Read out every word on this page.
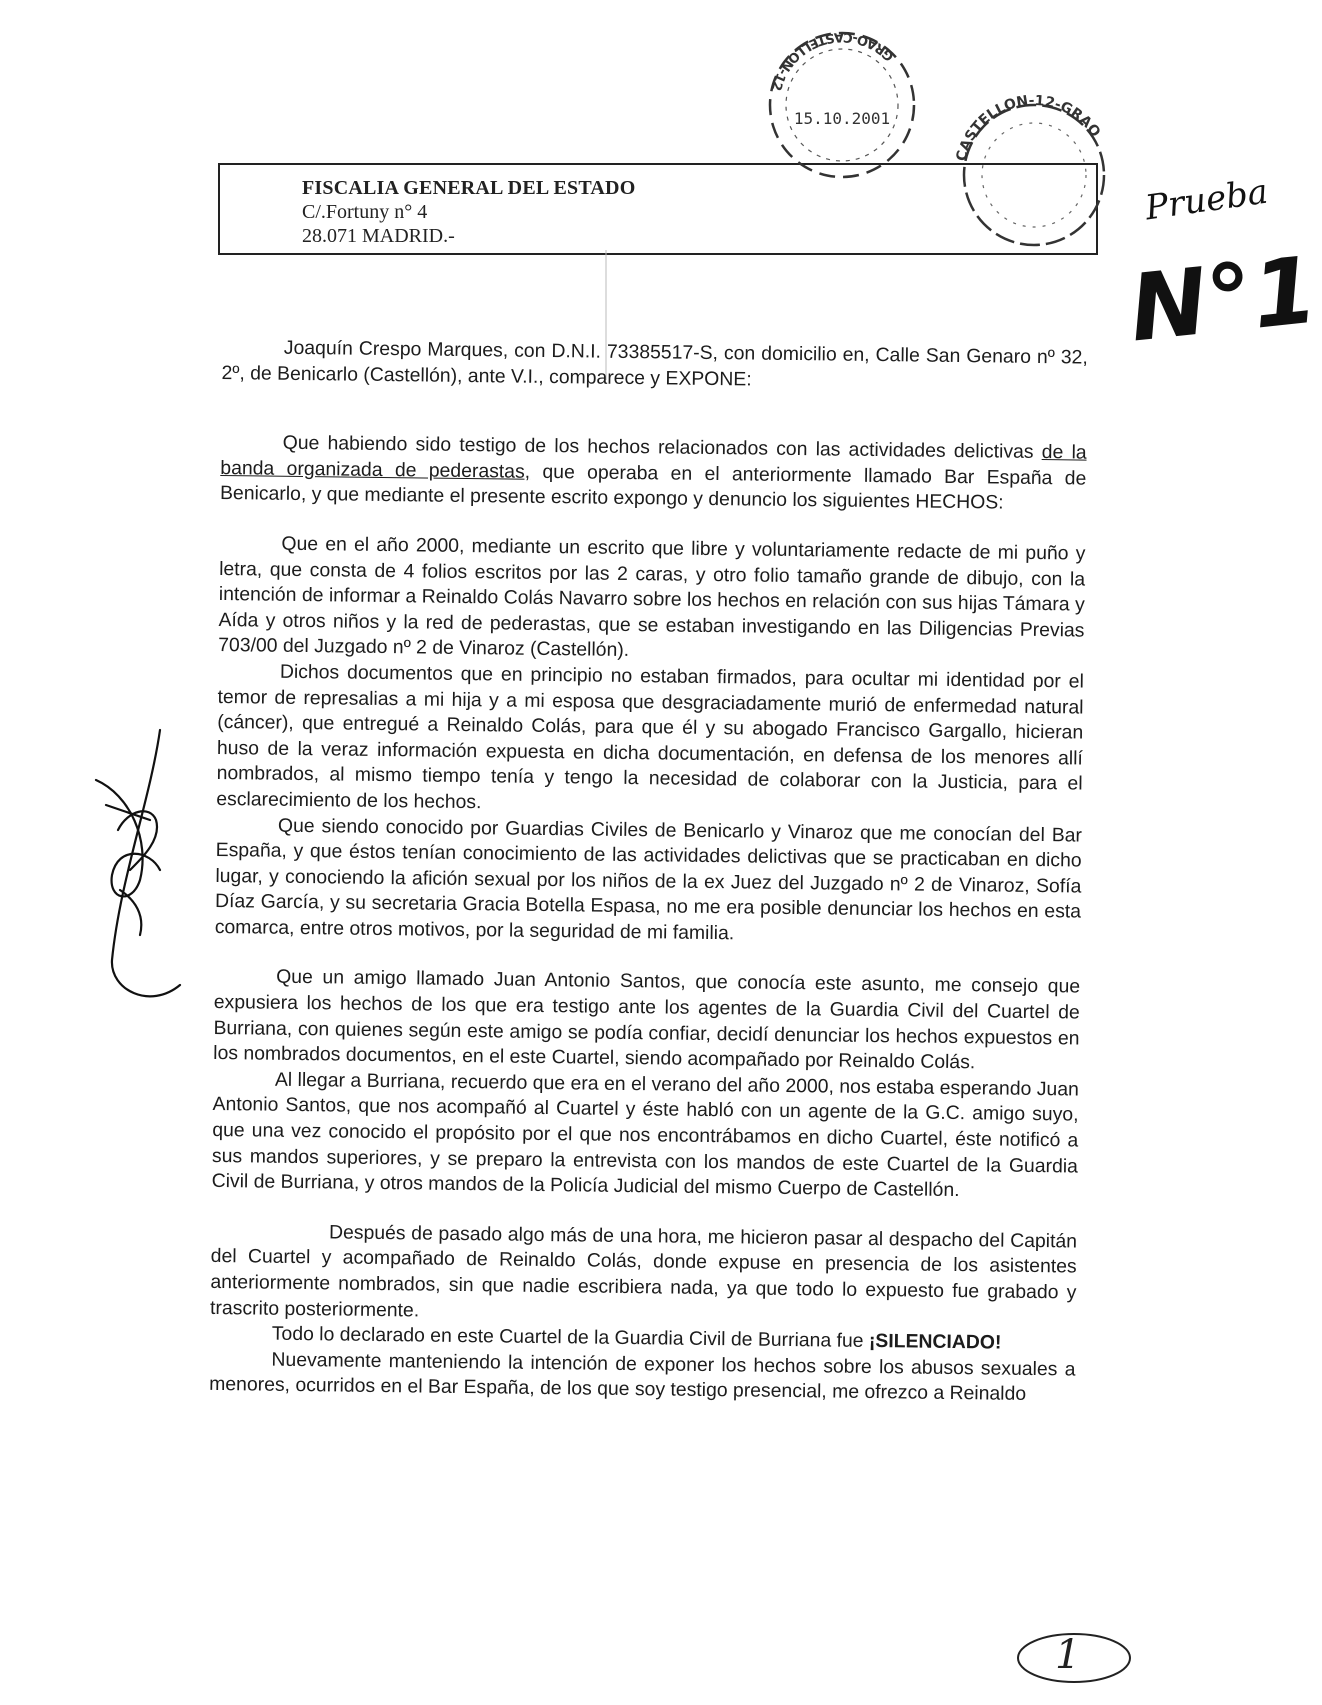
FISCALIA GENERAL DEL ESTADO
C/.Fortuny n° 4
28.071 MADRID.-
GRAO-CASTELLON-12
15.10.2001
CASTELLON-12-GRAO
Prueba
N°1
1

Joaquín Crespo Marques, con D.N.I. 73385517-S, con domicilio en, Calle San Genaro nº 32, 2º, de Benicarlo (Castellón), ante V.I., comparece y EXPONE:

Que habiendo sido testigo de los hechos relacionados con las actividades delictivas de la banda organizada de pederastas, que operaba en el anteriormente llamado Bar España de Benicarlo, y que mediante el presente escrito expongo y denuncio los siguientes HECHOS:

Que en el año 2000, mediante un escrito que libre y voluntariamente redacte de mi puño y letra, que consta de 4 folios escritos por las 2 caras, y otro folio tamaño grande de dibujo, con la intención de informar a Reinaldo Colás Navarro sobre los hechos en relación con sus hijas Támara y Aída y otros niños y la red de pederastas, que se estaban investigando en las Diligencias Previas 703/00 del Juzgado nº 2 de Vinaroz (Castellón).

Dichos documentos que en principio no estaban firmados, para ocultar mi identidad por el temor de represalias a mi hija y a mi esposa que desgraciadamente murió de enfermedad natural (cáncer), que entregué a Reinaldo Colás, para que él y su abogado Francisco Gargallo, hicieran huso de la veraz información expuesta en dicha documentación, en defensa de los menores allí nombrados, al mismo tiempo tenía y tengo la necesidad de colaborar con la Justicia, para el esclarecimiento de los hechos.

Que siendo conocido por Guardias Civiles de Benicarlo y Vinaroz que me conocían del Bar España, y que éstos tenían conocimiento de las actividades delictivas que se practicaban en dicho lugar, y conociendo la afición sexual por los niños de la ex Juez del Juzgado nº 2 de Vinaroz, Sofía Díaz García, y su secretaria Gracia Botella Espasa, no me era posible denunciar los hechos en esta comarca, entre otros motivos, por la seguridad de mi familia.

Que un amigo llamado Juan Antonio Santos, que conocía este asunto, me consejo que expusiera los hechos de los que era testigo ante los agentes de la Guardia Civil del Cuartel de Burriana, con quienes según este amigo se podía confiar, decidí denunciar los hechos expuestos en los nombrados documentos, en el este Cuartel, siendo acompañado por Reinaldo Colás.

Al llegar a Burriana, recuerdo que era en el verano del año 2000, nos estaba esperando Juan Antonio Santos, que nos acompañó al Cuartel y éste habló con un agente de la G.C. amigo suyo, que una vez conocido el propósito por el que nos encontrábamos en dicho Cuartel, éste notificó a sus mandos superiores, y se preparo la entrevista con los mandos de este Cuartel de la Guardia Civil de Burriana, y otros mandos de la Policía Judicial del mismo Cuerpo de Castellón.

Después de pasado algo más de una hora, me hicieron pasar al despacho del Capitán del Cuartel y acompañado de Reinaldo Colás, donde expuse en presencia de los asistentes anteriormente nombrados, sin que nadie escribiera nada, ya que todo lo expuesto fue grabado y trascrito posteriormente.

Todo lo declarado en este Cuartel de la Guardia Civil de Burriana fue ¡SILENCIADO!

Nuevamente manteniendo la intención de exponer los hechos sobre los abusos sexuales a menores, ocurridos en el Bar España, de los que soy testigo presencial, me ofrezco a Reinaldo
